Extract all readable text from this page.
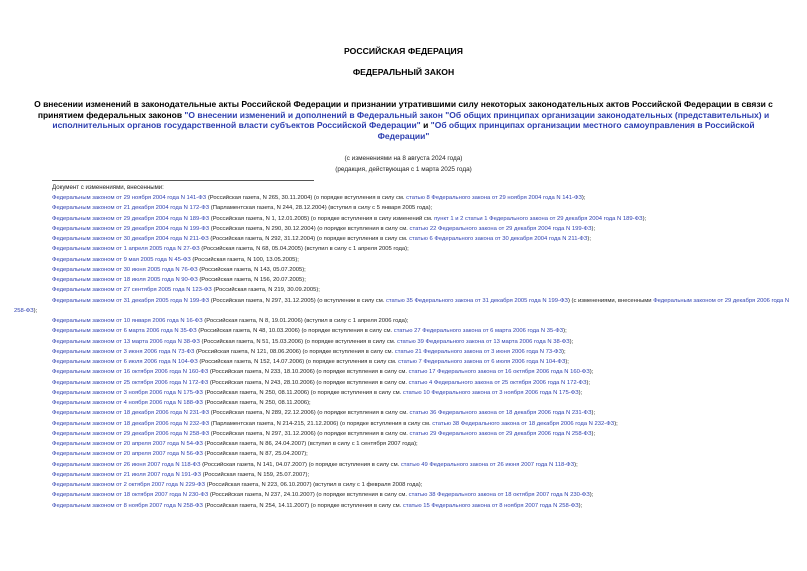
РОССИЙСКАЯ ФЕДЕРАЦИЯ
ФЕДЕРАЛЬНЫЙ ЗАКОН
О внесении изменений в законодательные акты Российской Федерации и признании утратившими силу некоторых законодательных актов Российской Федерации в связи с принятием федеральных законов "О внесении изменений и дополнений в Федеральный закон "Об общих принципах организации законодательных (представительных) и исполнительных органов государственной власти субъектов Российской Федерации" и "Об общих принципах организации местного самоуправления в Российской Федерации"
(с изменениями на 8 августа 2024 года)
(редакция, действующая с 1 марта 2025 года)
Документ с изменениями, внесенными:
Федеральным законом от 29 ноября 2004 года N 141-ФЗ (Российская газета, N 265, 30.11.2004) (о порядке вступления в силу см. статью 8 Федерального закона от 29 ноября 2004 года N 141-ФЗ);
Федеральным законом от 21 декабря 2004 года N 172-ФЗ (Парламентская газета, N 244, 28.12.2004) (вступил в силу с 5 января 2005 года);
Федеральным законом от 29 декабря 2004 года N 189-ФЗ (Российская газета, N 1, 12.01.2005) (о порядке вступления в силу изменений см. пункт 1 и 2 статьи 1 Федерального закона от 29 декабря 2004 года N 189-ФЗ);
Федеральным законом от 29 декабря 2004 года N 199-ФЗ (Российская газета, N 290, 30.12.2004) (о порядке вступления в силу см. статью 22 Федерального закона от 29 декабря 2004 года N 199-ФЗ);
Федеральным законом от 30 декабря 2004 года N 211-ФЗ (Российская газета, N 292, 31.12.2004) (о порядке вступления в силу см. статью 6 Федерального закона от 30 декабря 2004 года N 211-ФЗ);
Федеральным законом от 1 апреля 2005 года N 27-ФЗ (Российская газета, N 68, 05.04.2005) (вступил в силу с 1 апреля 2005 года);
Федеральным законом от 9 мая 2005 года N 45-ФЗ (Российская газета, N 100, 13.05.2005);
Федеральным законом от 30 июня 2005 года N 76-ФЗ (Российская газета, N 143, 05.07.2005);
Федеральным законом от 18 июля 2005 года N 90-ФЗ (Российская газета, N 156, 20.07.2005);
Федеральным законом от 27 сентября 2005 года N 123-ФЗ (Российская газета, N 219, 30.09.2005);
Федеральным законом от 31 декабря 2005 года N 199-ФЗ (Российская газета, N 297, 31.12.2005) (о вступлении в силу см. статью 35 Федерального закона от 31 декабря 2005 года N 199-ФЗ) (с изменениями, внесенными Федеральным законом от 29 декабря 2006 года N 258-ФЗ);
Федеральным законом от 10 января 2006 года N 16-ФЗ (Российская газета, N 8, 19.01.2006) (вступил в силу с 1 апреля 2006 года);
Федеральным законом от 6 марта 2006 года N 35-ФЗ (Российская газета, N 48, 10.03.2006) (о порядке вступления в силу см. статью 27 Федерального закона от 6 марта 2006 года N 35-ФЗ);
Федеральным законом от 13 марта 2006 года N 38-ФЗ (Российская газета, N 51, 15.03.2006) (о порядке вступления в силу см. статью 39 Федерального закона от 13 марта 2006 года N 38-ФЗ);
Федеральным законом от 3 июня 2006 года N 73-ФЗ (Российская газета, N 121, 08.06.2006) (о порядке вступления в силу см. статью 21 Федерального закона от 3 июня 2006 года N 73-ФЗ);
Федеральным законом от 6 июля 2006 года N 104-ФЗ (Российская газета, N 152, 14.07.2006) (о порядке вступления в силу см. статью 7 Федерального закона от 6 июля 2006 года N 104-ФЗ);
Федеральным законом от 16 октября 2006 года N 160-ФЗ (Российская газета, N 233, 18.10.2006) (о порядке вступления в силу см. статью 17 Федерального закона от 16 октября 2006 года N 160-ФЗ);
Федеральным законом от 25 октября 2006 года N 172-ФЗ (Российская газета, N 243, 28.10.2006) (о порядке вступления в силу см. статью 4 Федерального закона от 25 октября 2006 года N 172-ФЗ);
Федеральным законом от 3 ноября 2006 года N 175-ФЗ (Российская газета, N 250, 08.11.2006) (о порядке вступления в силу см. статью 10 Федерального закона от 3 ноября 2006 года N 175-ФЗ);
Федеральным законом от 4 ноября 2006 года N 188-ФЗ (Российская газета, N 250, 08.11.2006);
Федеральным законом от 18 декабря 2006 года N 231-ФЗ (Российская газета, N 289, 22.12.2006) (о порядке вступления в силу см. статью 36 Федерального закона от 18 декабря 2006 года N 231-ФЗ);
Федеральным законом от 18 декабря 2006 года N 232-ФЗ (Парламентская газета, N 214-215, 21.12.2006) (о порядке вступления в силу см. статью 38 Федерального закона от 18 декабря 2006 года N 232-ФЗ);
Федеральным законом от 29 декабря 2006 года N 258-ФЗ (Российская газета, N 297, 31.12.2006) (о порядке вступления в силу см. статью 29 Федерального закона от 29 декабря 2006 года N 258-ФЗ);
Федеральным законом от 20 апреля 2007 года N 54-ФЗ (Российская газета, N 86, 24.04.2007) (вступил в силу с 1 сентября 2007 года);
Федеральным законом от 20 апреля 2007 года N 56-ФЗ (Российская газета, N 87, 25.04.2007);
Федеральным законом от 26 июня 2007 года N 118-ФЗ (Российская газета, N 141, 04.07.2007) (о порядке вступления в силу см. статью 49 Федерального закона от 26 июня 2007 года N 118-ФЗ);
Федеральным законом от 21 июля 2007 года N 191-ФЗ (Российская газета, N 159, 25.07.2007);
Федеральным законом от 2 октября 2007 года N 229-ФЗ (Российская газета, N 223, 06.10.2007) (вступил в силу с 1 февраля 2008 года);
Федеральным законом от 18 октября 2007 года N 230-ФЗ (Российская газета, N 237, 24.10.2007) (о порядке вступления в силу см. статью 38 Федерального закона от 18 октября 2007 года N 230-ФЗ);
Федеральным законом от 8 ноября 2007 года N 258-ФЗ (Российская газета, N 254, 14.11.2007) (о порядке вступления в силу см. статью 15 Федерального закона от 8 ноября 2007 года N 258-ФЗ);
